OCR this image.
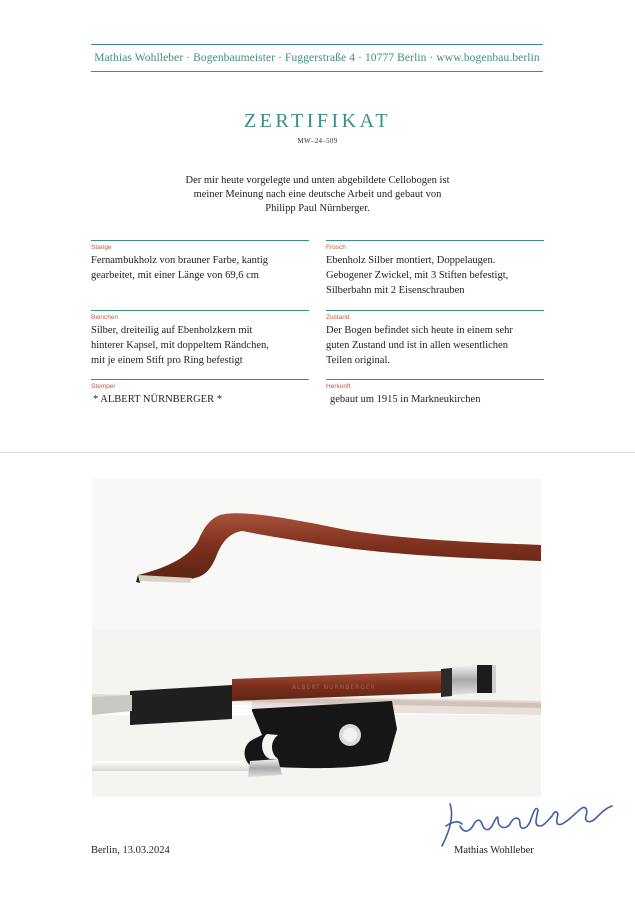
Mathias Wohlleber · Bogenbaumeister · Fuggerstraße 4 · 10777 Berlin · www.bogenbau.berlin
ZERTIFIKAT
MW–24–509
Der mir heute vorgelegte und unten abgebildete Cellobogen ist
meiner Meinung nach eine deutsche Arbeit und gebaut von
Philipp Paul Nürnberger.
Stange
Fernambukholz von brauner Farbe, kantig
gearbeitet, mit einer Länge von 69,6 cm
Frosch
Ebenholz Silber montiert, Doppelaugen.
Gebogener Zwickel, mit 3 Stiften befestigt,
Silberbahn mit 2 Eisenschrauben
Beinchen
Silber, dreiteilig auf Ebenholzkern mit
hinterer Kapsel, mit doppeltem Rändchen,
mit je einem Stift pro Ring befestigt
Zustand
Der Bogen befindet sich heute in einem sehr
guten Zustand und ist in allen wesentlichen
Teilen original.
Stempel
* ALBERT NÜRNBERGER *
Herkunft
gebaut um 1915 in Markneukirchen
ALBERT NÜRNBERGER
Berlin, 13.03.2024	Mathias Wohlleber
